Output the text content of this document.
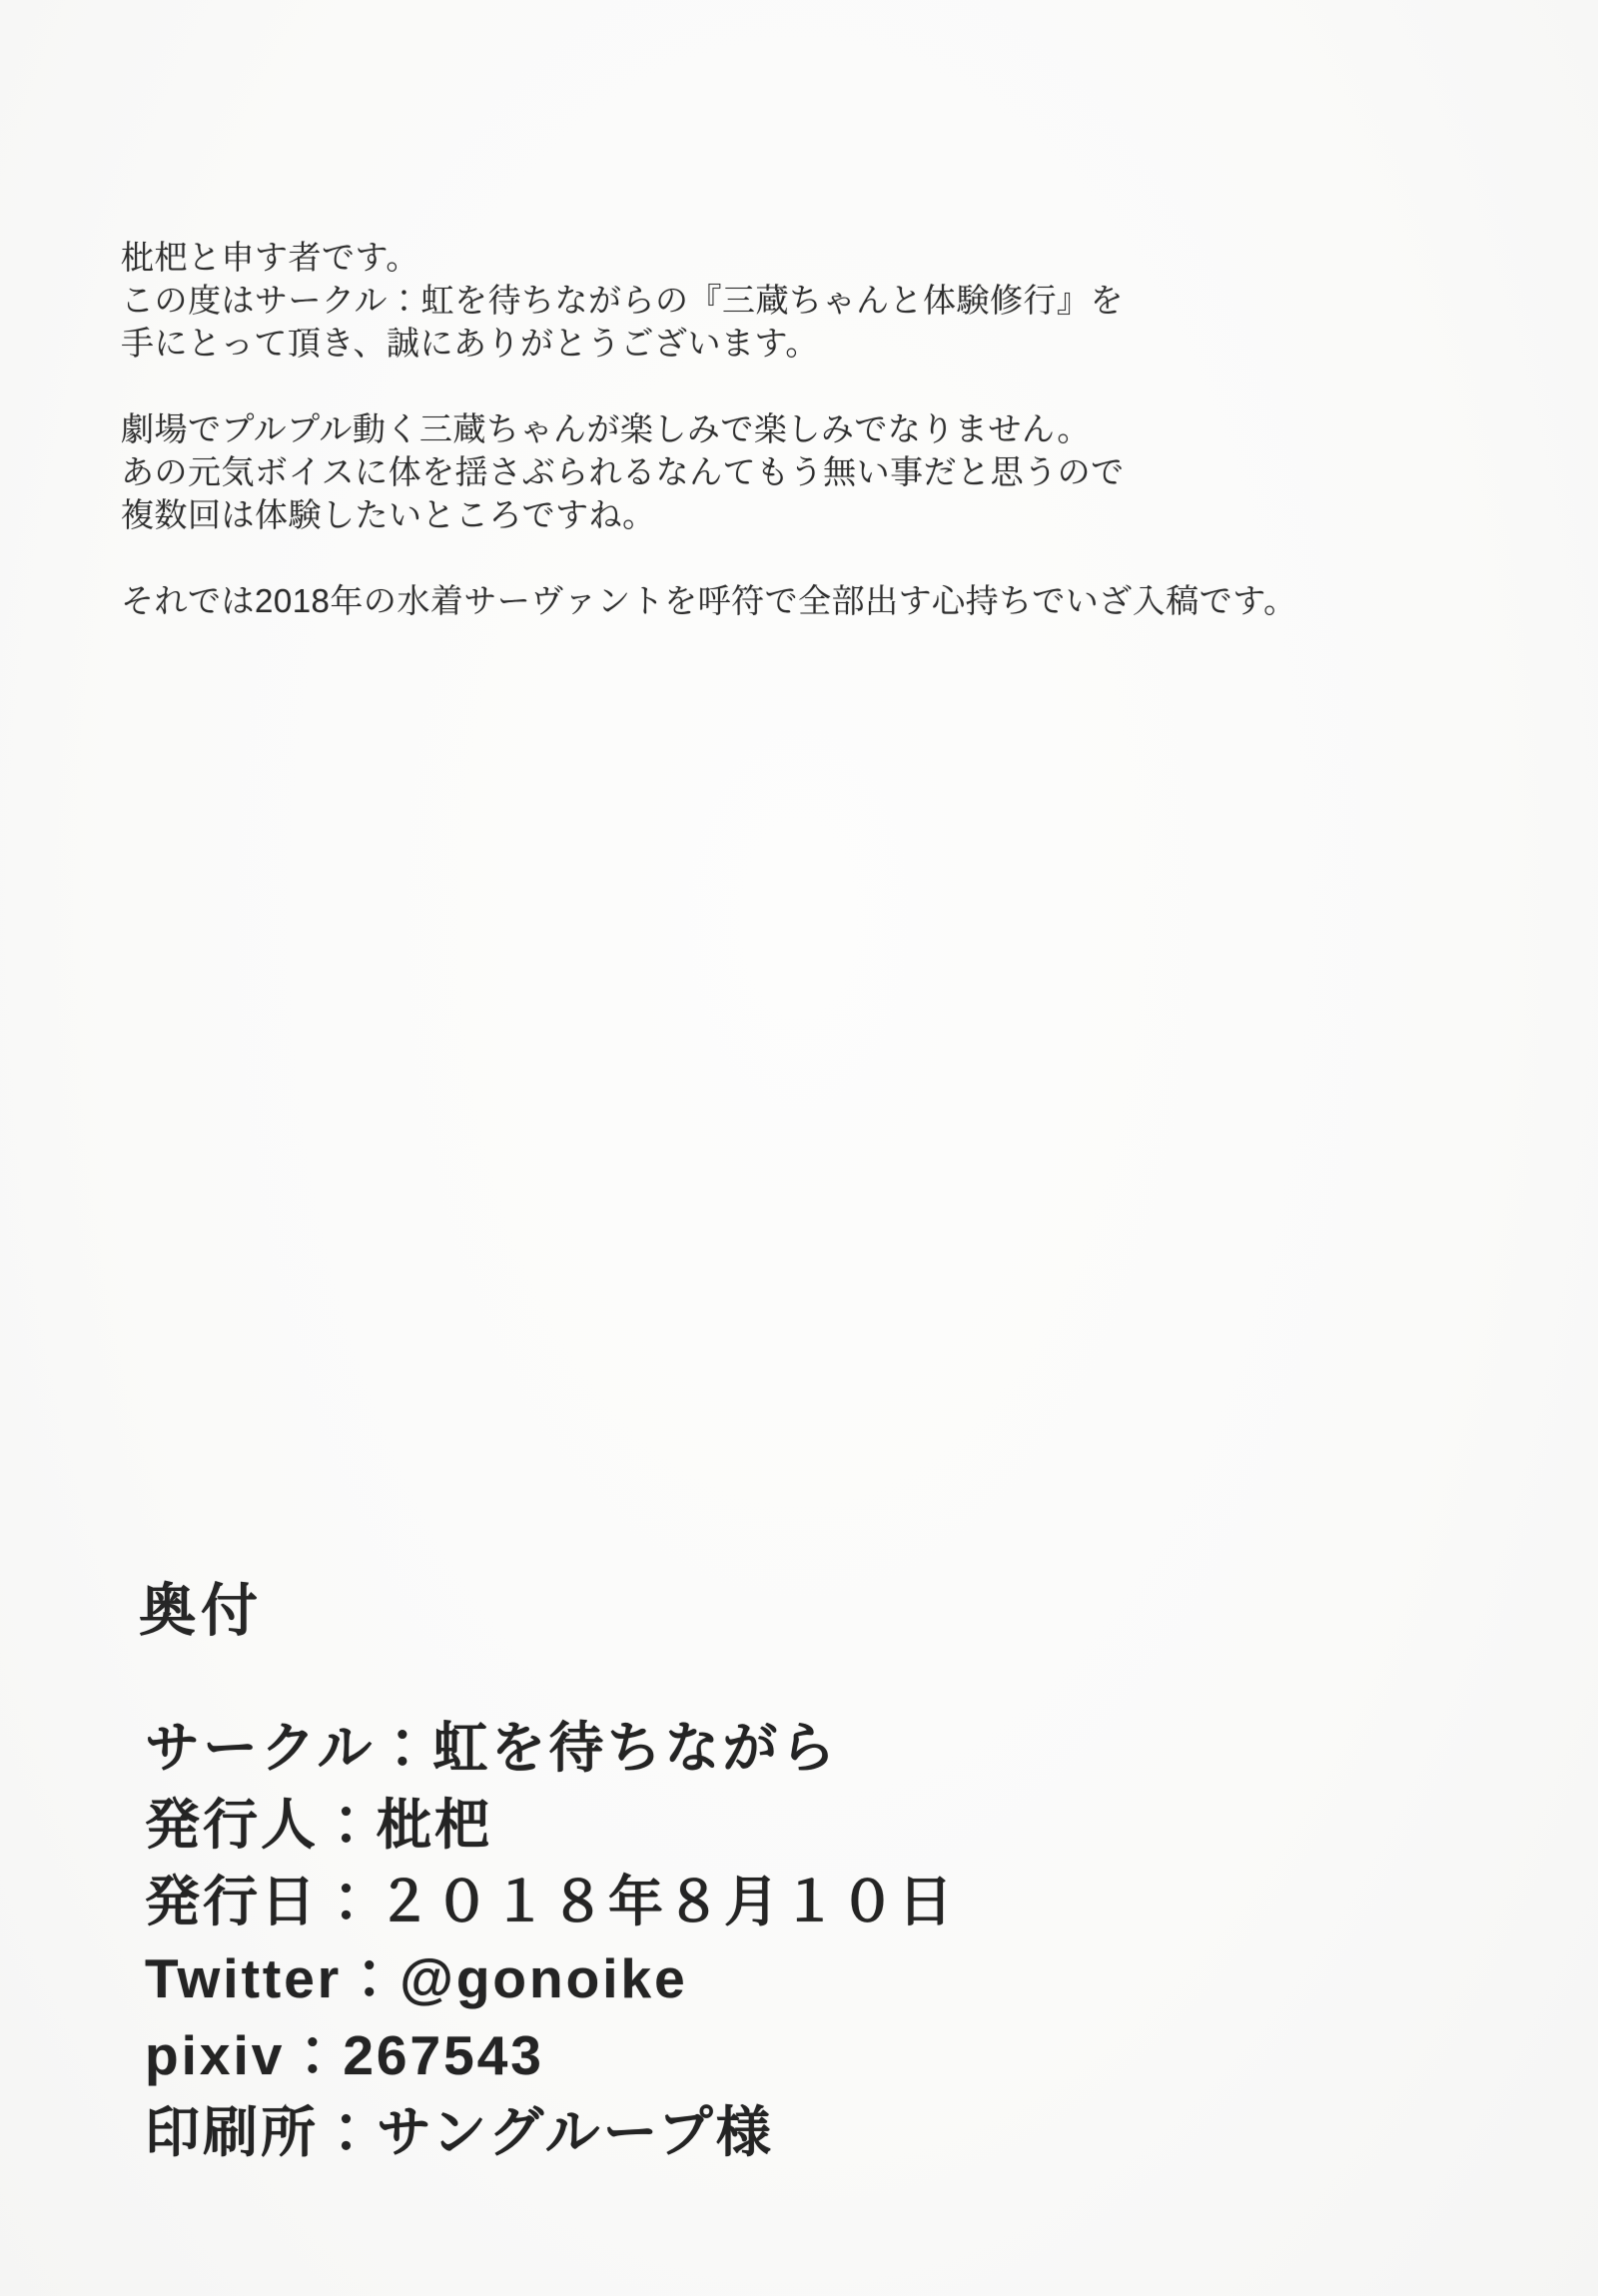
枇杷と申す者です。
この度はサークル：虹を待ちながらの『三蔵ちゃんと体験修行』を
手にとって頂き、誠にありがとうございます。

劇場でプルプル動く三蔵ちゃんが楽しみで楽しみでなりません。
あの元気ボイスに体を揺さぶられるなんてもう無い事だと思うので
複数回は体験したいところですね。

それでは2018年の水着サーヴァントを呼符で全部出す心持ちでいざ入稿です。

奥付
サークル：虹を待ちながら
発行人：枇杷
発行日：２０１８年８月１０日
Twitter：@gonoike
pixiv：267543
印刷所：サングループ様
